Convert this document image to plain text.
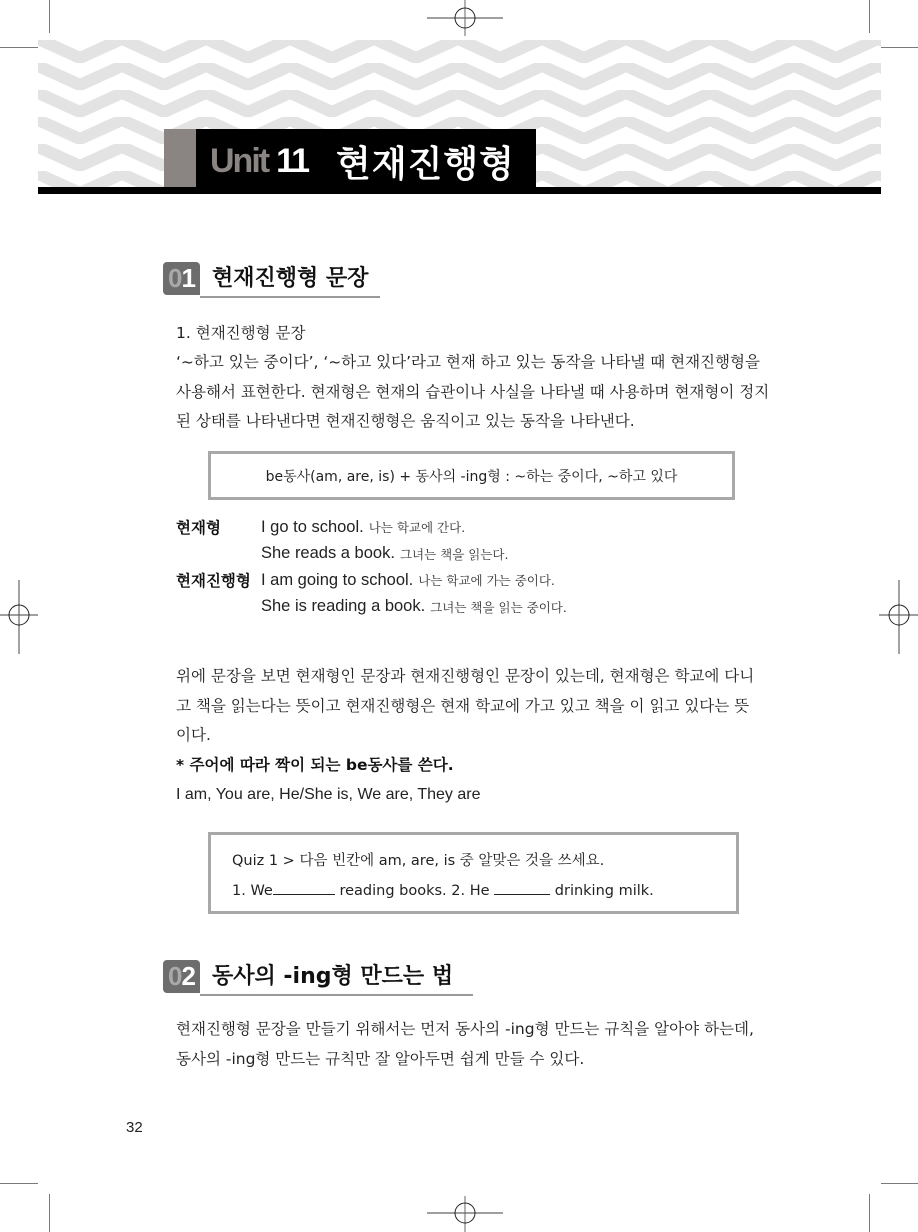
Unit 11 현재진행형
0 1 현재진행형 문장
1. 현재진행형 문장
‘~하고 있는 중이다’, ‘~하고 있다’라고 현재 하고 있는 동작을 나타낼 때 현재진행형을
사용해서 표현한다. 현재형은 현재의 습관이나 사실을 나타낼 때 사용하며 현재형이 정지
된 상태를 나타낸다면 현재진행형은 움직이고 있는 동작을 나타낸다.
be동사(am, are, is) + 동사의 -ing형 : ~하는 중이다, ~하고 있다
현재형	I go to school. 나는 학교에 간다.
She reads a book. 그녀는 책을 읽는다.
현재진행형 I am going to school. 나는 학교에 가는 중이다.
She is reading a book. 그녀는 책을 읽는 중이다.
위에 문장을 보면 현재형인 문장과 현재진행형인 문장이 있는데, 현재형은 학교에 다니
고 책을 읽는다는 뜻이고 현재진행형은 현재 학교에 가고 있고 책을 이 읽고 있다는 뜻
이다.
* 주어에 따라 짝이 되는 be동사를 쓴다.
I am, You are, He/She is, We are, They are
Quiz 1 > 다음 빈칸에 am, are, is 중 알맞은 것을 쓰세요.
1. We	reading books. 2. He	drinking milk.
0 2 동사의 -ing형 만드는 법
현재진행형 문장을 만들기 위해서는 먼저 동사의 -ing형 만드는 규칙을 알아야 하는데,
동사의 -ing형 만드는 규칙만 잘 알아두면 쉽게 만들 수 있다.
32
